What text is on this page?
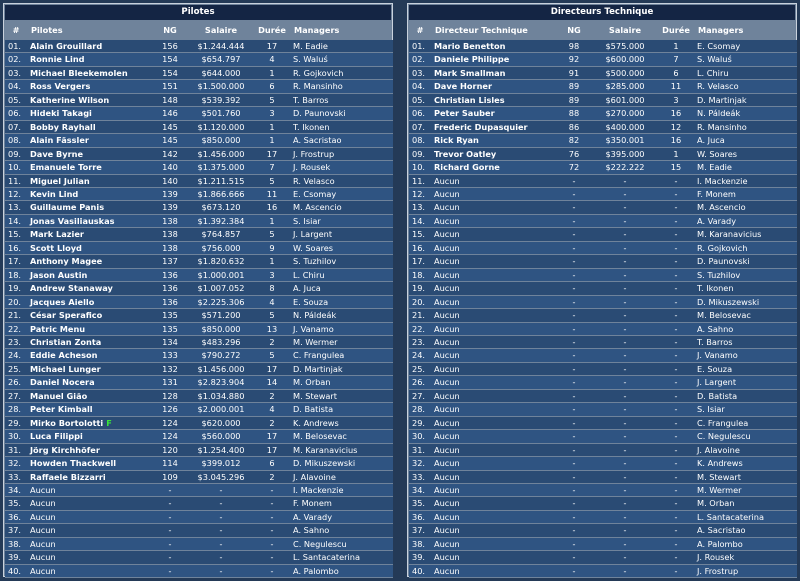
Pilotes
#	Pilotes	NG	Salaire	Durée	Managers
01.	Alain Grouillard	156	$1.244.444	17	M. Eadie
02.	Ronnie Lind	154	$654.797	4	S. Waluś
03.	Michael Bleekemolen	154	$644.000	1	R. Gojkovich
04.	Ross Vergers	151	$1.500.000	6	R. Mansinho
05.	Katherine Wilson	148	$539.392	5	T. Barros
06.	Hideki Takagi	146	$501.760	3	D. Paunovski
07.	Bobby Rayhall	145	$1.120.000	1	T. Ikonen
08.	Alain Fässler	145	$850.000	1	A. Sacristao
09.	Dave Byrne	142	$1.456.000	17	J. Frostrup
10.	Emanuele Torre	140	$1.375.000	7	J. Rousek
11.	Miguel Julian	140	$1.211.515	5	R. Velasco
12.	Kevin Lind	139	$1.866.666	11	E. Csomay
13.	Guillaume Panis	139	$673.120	16	M. Ascencio
14.	Jonas Vasiliauskas	138	$1.392.384	1	S. Isiar
15.	Mark Lazier	138	$764.857	5	J. Largent
16.	Scott Lloyd	138	$756.000	9	W. Soares
17.	Anthony Magee	137	$1.820.632	1	S. Tuzhilov
18.	Jason Austin	136	$1.000.001	3	L. Chiru
19.	Andrew Stanaway	136	$1.007.052	8	A. Juca
20.	Jacques Aiello	136	$2.225.306	4	E. Souza
21.	César Sperafico	135	$571.200	5	N. Páldeák
22.	Patric Menu	135	$850.000	13	J. Vanamo
23.	Christian Zonta	134	$483.296	2	M. Wermer
24.	Eddie Acheson	133	$790.272	5	C. Frangulea
25.	Michael Lunger	132	$1.456.000	17	D. Martinjak
26.	Daniel Nocera	131	$2.823.904	14	M. Orban
27.	Manuel Gião	128	$1.034.880	2	M. Stewart
28.	Peter Kimball	126	$2.000.001	4	D. Batista
29.	Mirko Bortolotti F	124	$620.000	2	K. Andrews
30.	Luca Filippi	124	$560.000	17	M. Belosevac
31.	Jörg Kirchhöfer	120	$1.254.400	17	M. Karanavicius
32.	Howden Thackwell	114	$399.012	6	D. Mikuszewski
33.	Raffaele Bizzarri	109	$3.045.296	2	J. Alavoine
34.	Aucun	-	-	-	I. Mackenzie
35.	Aucun	-	-	-	F. Monem
36.	Aucun	-	-	-	A. Varady
37.	Aucun	-	-	-	A. Sahno
38.	Aucun	-	-	-	C. Negulescu
39.	Aucun	-	-	-	L. Santacaterina
40.	Aucun	-	-	-	A. Palombo
Directeurs Technique
#	Directeur Technique	NG	Salaire	Durée	Managers
01.	Mario Benetton	98	$575.000	1	E. Csomay
02.	Daniele Philippe	92	$600.000	7	S. Waluś
03.	Mark Smallman	91	$500.000	6	L. Chiru
04.	Dave Horner	89	$285.000	11	R. Velasco
05.	Christian Lisles	89	$601.000	3	D. Martinjak
06.	Peter Sauber	88	$270.000	16	N. Páldeák
07.	Frederic Dupasquier	86	$400.000	12	R. Mansinho
08.	Rick Ryan	82	$350.001	16	A. Juca
09.	Trevor Oatley	76	$395.000	1	W. Soares
10.	Richard Gorne	72	$222.222	15	M. Eadie
11.	Aucun	-	-	-	I. Mackenzie
12.	Aucun	-	-	-	F. Monem
13.	Aucun	-	-	-	M. Ascencio
14.	Aucun	-	-	-	A. Varady
15.	Aucun	-	-	-	M. Karanavicius
16.	Aucun	-	-	-	R. Gojkovich
17.	Aucun	-	-	-	D. Paunovski
18.	Aucun	-	-	-	S. Tuzhilov
19.	Aucun	-	-	-	T. Ikonen
20.	Aucun	-	-	-	D. Mikuszewski
21.	Aucun	-	-	-	M. Belosevac
22.	Aucun	-	-	-	A. Sahno
23.	Aucun	-	-	-	T. Barros
24.	Aucun	-	-	-	J. Vanamo
25.	Aucun	-	-	-	E. Souza
26.	Aucun	-	-	-	J. Largent
27.	Aucun	-	-	-	D. Batista
28.	Aucun	-	-	-	S. Isiar
29.	Aucun	-	-	-	C. Frangulea
30.	Aucun	-	-	-	C. Negulescu
31.	Aucun	-	-	-	J. Alavoine
32.	Aucun	-	-	-	K. Andrews
33.	Aucun	-	-	-	M. Stewart
34.	Aucun	-	-	-	M. Wermer
35.	Aucun	-	-	-	M. Orban
36.	Aucun	-	-	-	L. Santacaterina
37.	Aucun	-	-	-	A. Sacristao
38.	Aucun	-	-	-	A. Palombo
39.	Aucun	-	-	-	J. Rousek
40.	Aucun	-	-	-	J. Frostrup
